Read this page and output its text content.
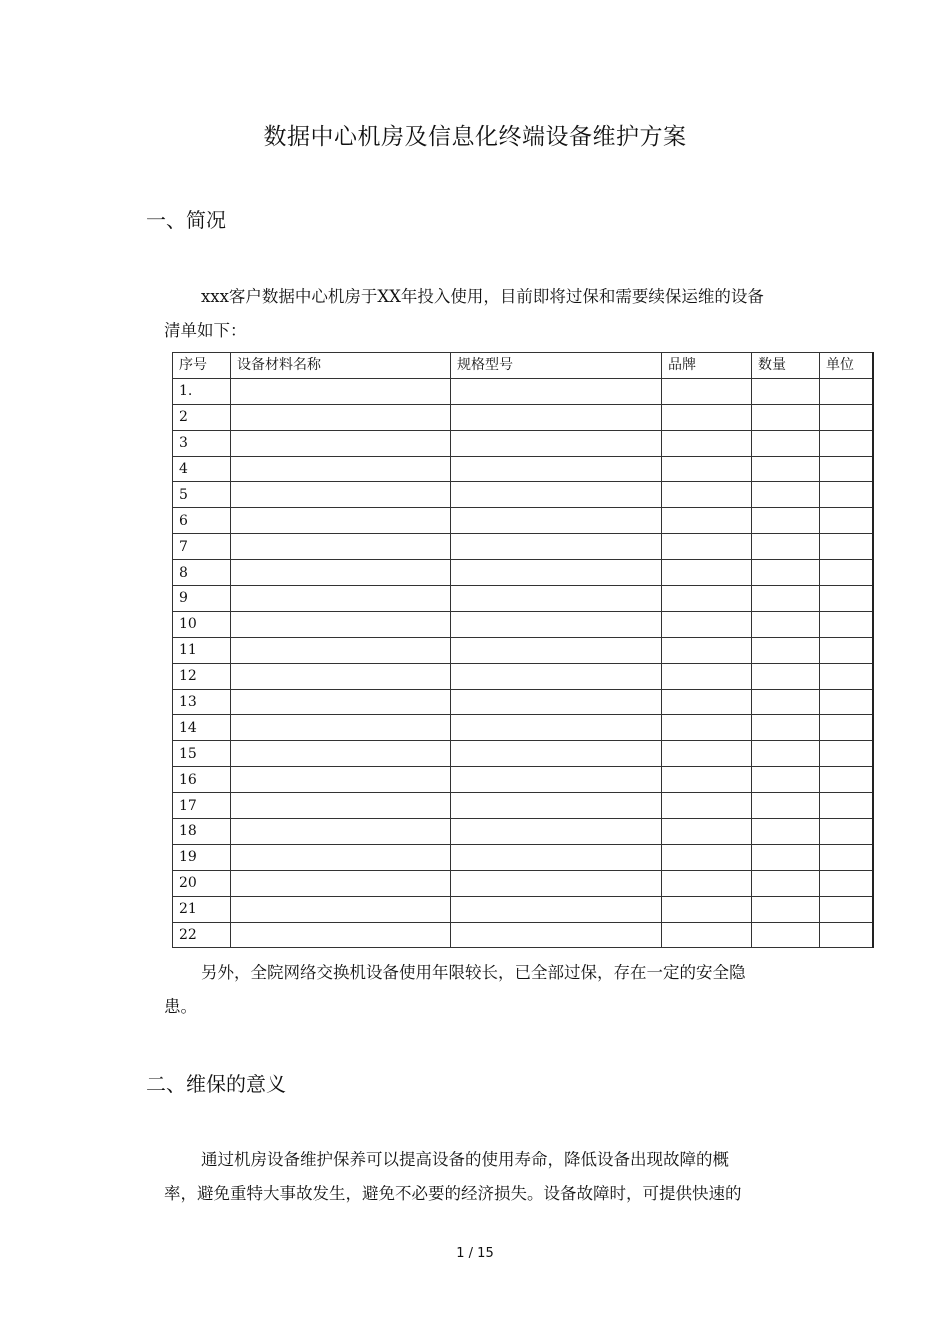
数据中心机房及信息化终端设备维护方案
一、简况
xxx客户数据中心机房于XX年投入使用，目前即将过保和需要续保运维的设备
清单如下：
序号	设备材料名称	规格型号	品牌	数量	单位
1.					
2					
3					
4					
5					
6					
7					
8					
9					
10					
11					
12					
13					
14					
15					
16					
17					
18					
19					
20					
21					
22					
另外，全院网络交换机设备使用年限较长，已全部过保，存在一定的安全隐
患。
二、维保的意义
通过机房设备维护保养可以提高设备的使用寿命，降低设备出现故障的概
率，避免重特大事故发生，避免不必要的经济损失。设备故障时，可提供快速的
1 / 15
